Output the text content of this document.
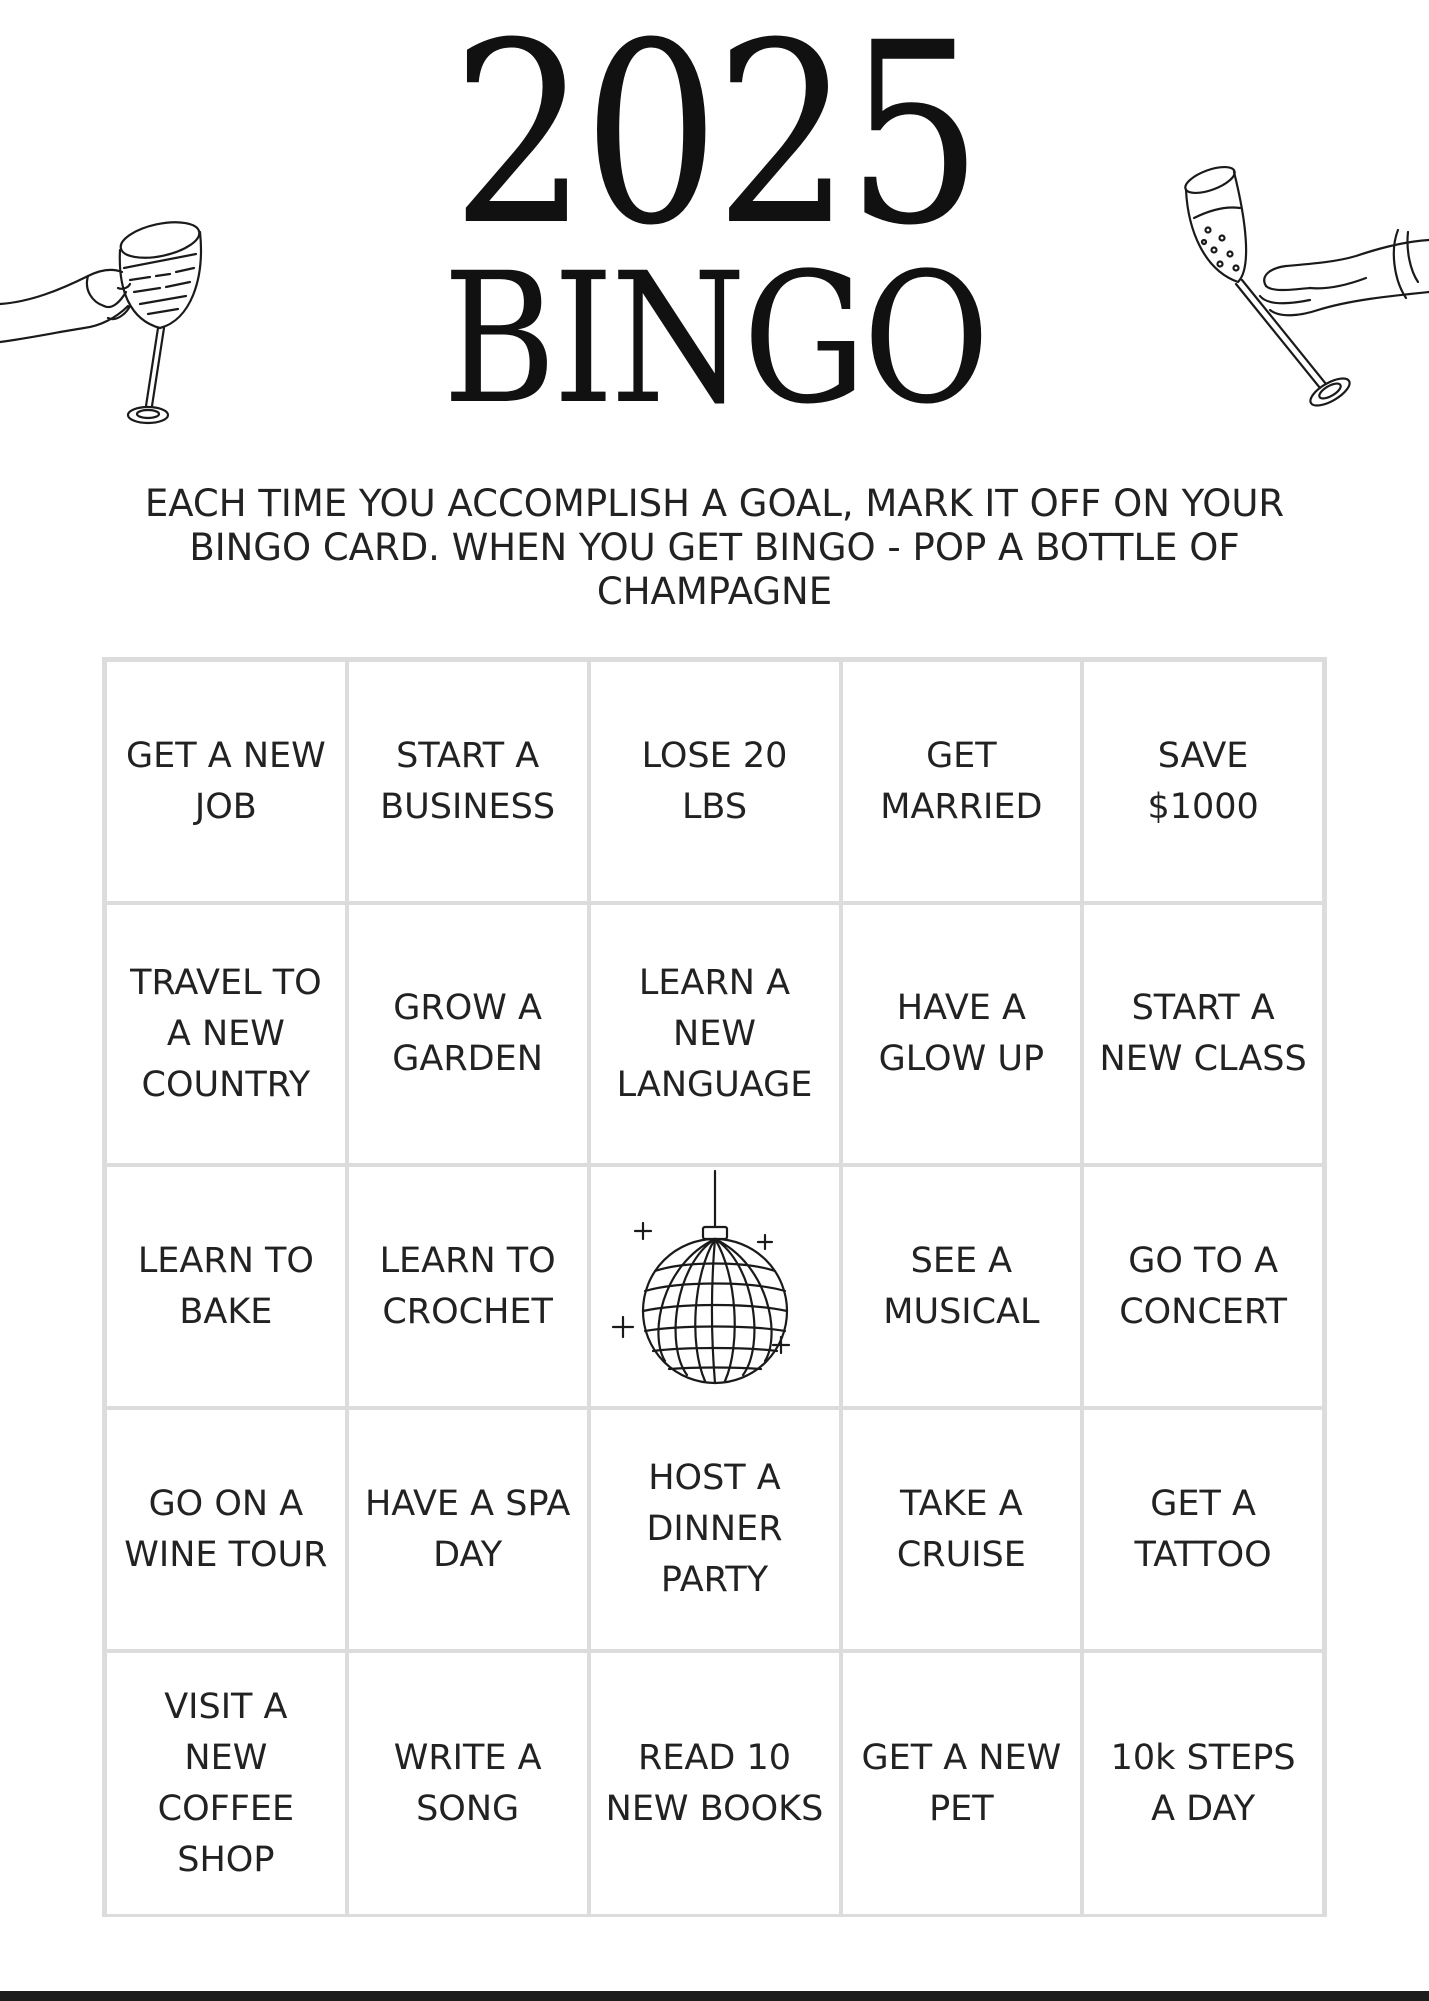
2025
BINGO
EACH TIME YOU ACCOMPLISH A GOAL, MARK IT OFF ON YOUR BINGO CARD. WHEN YOU GET BINGO - POP A BOTTLE OF CHAMPAGNE
GET A NEW JOB
START A BUSINESS
LOSE 20 LBS
GET MARRIED
SAVE $1000
TRAVEL TO A NEW COUNTRY
GROW A GARDEN
LEARN A NEW LANGUAGE
HAVE A GLOW UP
START A NEW CLASS
LEARN TO BAKE
LEARN TO CROCHET
SEE A MUSICAL
GO TO A CONCERT
GO ON A WINE TOUR
HAVE A SPA DAY
HOST A DINNER PARTY
TAKE A CRUISE
GET A TATTOO
VISIT A NEW COFFEE SHOP
WRITE A SONG
READ 10 NEW BOOKS
GET A NEW PET
10k STEPS A DAY
